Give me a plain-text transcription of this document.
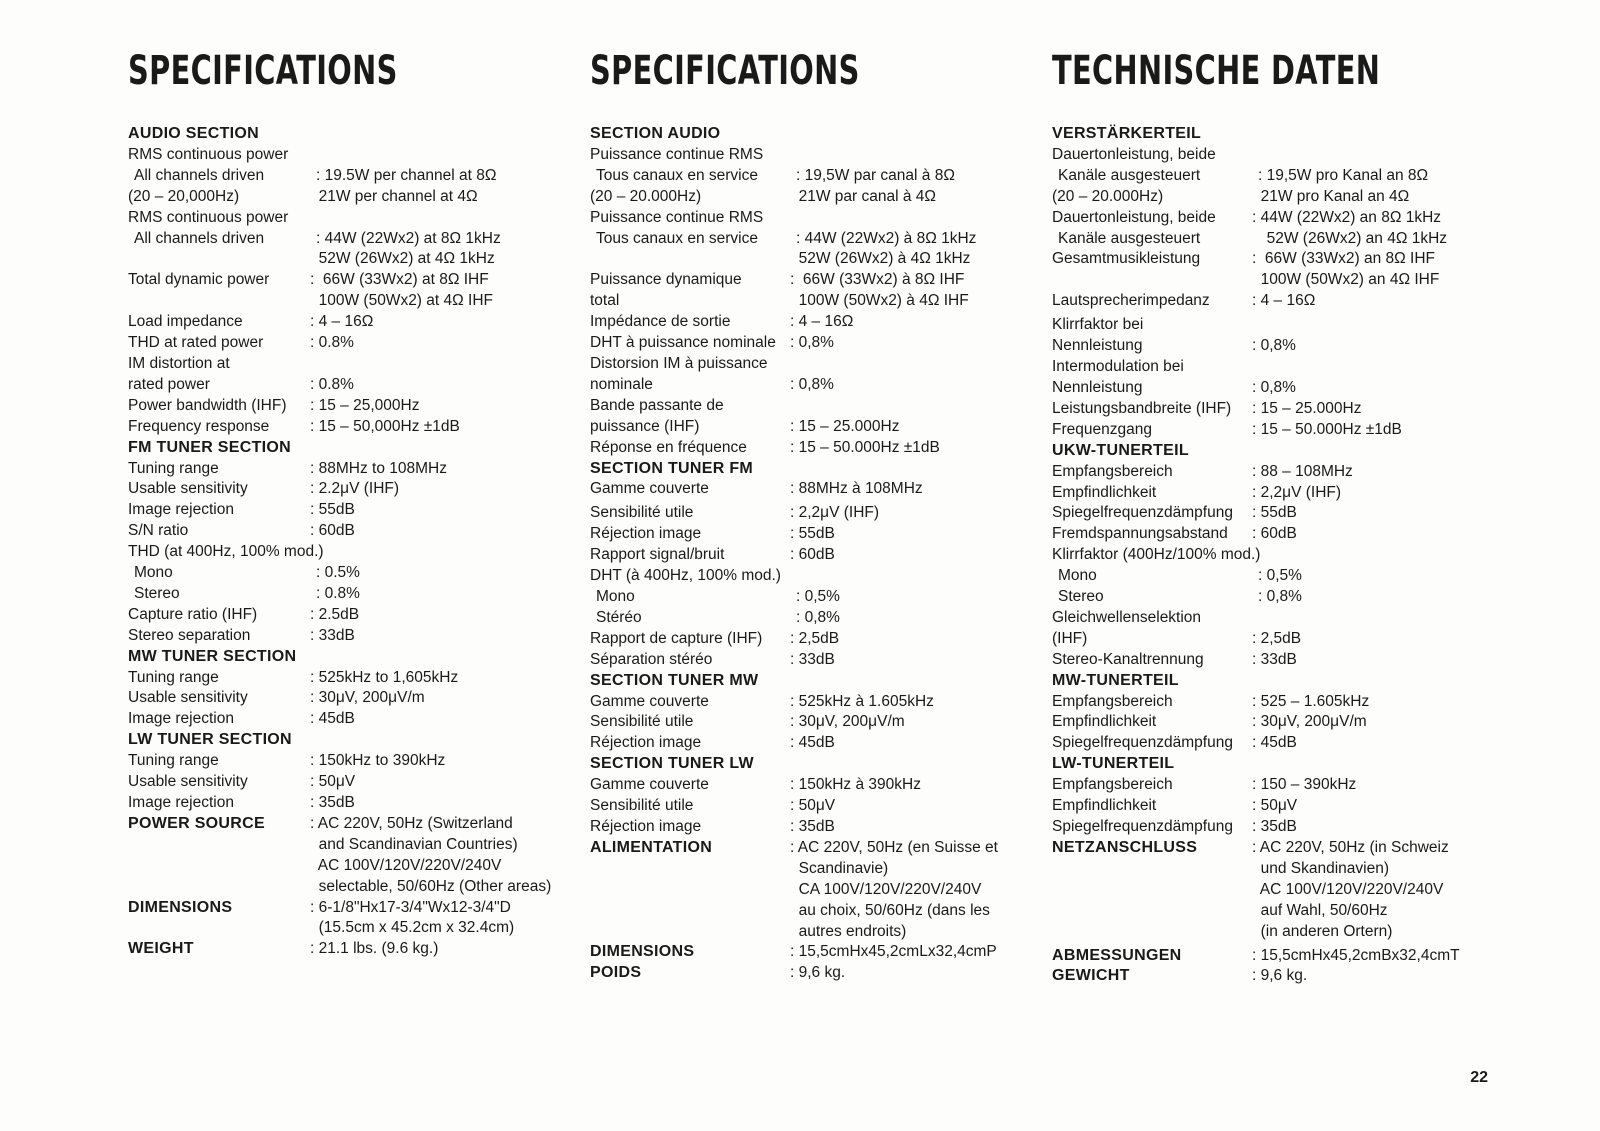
SPECIFICATIONS
AUDIO SECTION
RMS continuous power
All channels driven	: 19.5W per channel at 8Ω
(20 – 20,000Hz)	21W per channel at 4Ω
RMS continuous power
All channels driven	: 44W (22Wx2) at 8Ω 1kHz
52W (26Wx2) at 4Ω 1kHz
Total dynamic power	:  66W (33Wx2) at 8Ω IHF
100W (50Wx2) at 4Ω IHF
Load impedance	: 4 – 16Ω
THD at rated power	: 0.8%
IM distortion at
rated power	: 0.8%
Power bandwidth (IHF)	: 15 – 25,000Hz
Frequency response	: 15 – 50,000Hz ±1dB
FM TUNER SECTION
Tuning range	: 88MHz to 108MHz
Usable sensitivity	: 2.2μV (IHF)
Image rejection	: 55dB
S/N ratio	: 60dB
THD (at 400Hz, 100% mod.)
Mono	: 0.5%
Stereo	: 0.8%
Capture ratio (IHF)	: 2.5dB
Stereo separation	: 33dB
MW TUNER SECTION
Tuning range	: 525kHz to 1,605kHz
Usable sensitivity	: 30μV, 200μV/m
Image rejection	: 45dB
LW TUNER SECTION
Tuning range	: 150kHz to 390kHz
Usable sensitivity	: 50μV
Image rejection	: 35dB
POWER SOURCE	: AC 220V, 50Hz (Switzerland
and Scandinavian Countries)
AC 100V/120V/220V/240V
selectable, 50/60Hz (Other areas)
DIMENSIONS	: 6-1/8"Hx17-3/4"Wx12-3/4"D
(15.5cm x 45.2cm x 32.4cm)
WEIGHT	: 21.1 lbs. (9.6 kg.)
SPECIFICATIONS
SECTION AUDIO
Puissance continue RMS
Tous canaux en service	: 19,5W par canal à 8Ω
(20 – 20.000Hz)	21W par canal à 4Ω
Puissance continue RMS
Tous canaux en service	: 44W (22Wx2) à 8Ω 1kHz
52W (26Wx2) à 4Ω 1kHz
Puissance dynamique	:  66W (33Wx2) à 8Ω IHF
total	100W (50Wx2) à 4Ω IHF
Impédance de sortie	: 4 – 16Ω
DHT à puissance nominale : 0,8%
Distorsion IM à puissance
nominale	: 0,8%
Bande passante de
puissance (IHF)	: 15 – 25.000Hz
Réponse en fréquence	: 15 – 50.000Hz ±1dB
SECTION TUNER FM
Gamme couverte	: 88MHz à 108MHz
Sensibilité utile	: 2,2μV (IHF)
Réjection image	: 55dB
Rapport signal/bruit	: 60dB
DHT (à 400Hz, 100% mod.)
Mono	: 0,5%
Stéréo	: 0,8%
Rapport de capture (IHF)	: 2,5dB
Séparation stéréo	: 33dB
SECTION TUNER MW
Gamme couverte	: 525kHz à 1.605kHz
Sensibilité utile	: 30μV, 200μV/m
Réjection image	: 45dB
SECTION TUNER LW
Gamme couverte	: 150kHz à 390kHz
Sensibilité utile	: 50μV
Réjection image	: 35dB
ALIMENTATION	: AC 220V, 50Hz (en Suisse et
Scandinavie)
CA 100V/120V/220V/240V
au choix, 50/60Hz (dans les
autres endroits)
DIMENSIONS	: 15,5cmHx45,2cmLx32,4cmP
POIDS	: 9,6 kg.
TECHNISCHE DATEN
VERSTÄRKERTEIL
Dauertonleistung, beide
Kanäle ausgesteuert	: 19,5W pro Kanal an 8Ω
(20 – 20.000Hz)	21W pro Kanal an 4Ω
Dauertonleistung, beide	: 44W (22Wx2) an 8Ω 1kHz
Kanäle ausgesteuert	52W (26Wx2) an 4Ω 1kHz
Gesamtmusikleistung	:  66W (33Wx2) an 8Ω IHF
100W (50Wx2) an 4Ω IHF
Lautsprecherimpedanz	: 4 – 16Ω
Klirrfaktor bei
Nennleistung	: 0,8%
Intermodulation bei
Nennleistung	: 0,8%
Leistungsbandbreite (IHF)	: 15 – 25.000Hz
Frequenzgang	: 15 – 50.000Hz ±1dB
UKW-TUNERTEIL
Empfangsbereich	: 88 – 108MHz
Empfindlichkeit	: 2,2μV (IHF)
Spiegelfrequenzdämpfung	: 55dB
Fremdspannungsabstand	: 60dB
Klirrfaktor (400Hz/100% mod.)
Mono	: 0,5%
Stereo	: 0,8%
Gleichwellenselektion
(IHF)	: 2,5dB
Stereo-Kanaltrennung	: 33dB
MW-TUNERTEIL
Empfangsbereich	: 525 – 1.605kHz
Empfindlichkeit	: 30μV, 200μV/m
Spiegelfrequenzdämpfung	: 45dB
LW-TUNERTEIL
Empfangsbereich	: 150 – 390kHz
Empfindlichkeit	: 50μV
Spiegelfrequenzdämpfung	: 35dB
NETZANSCHLUSS	: AC 220V, 50Hz (in Schweiz
und Skandinavien)
AC 100V/120V/220V/240V
auf Wahl, 50/60Hz
(in anderen Ortern)
ABMESSUNGEN	: 15,5cmHx45,2cmBx32,4cmT
GEWICHT	: 9,6 kg.
22
